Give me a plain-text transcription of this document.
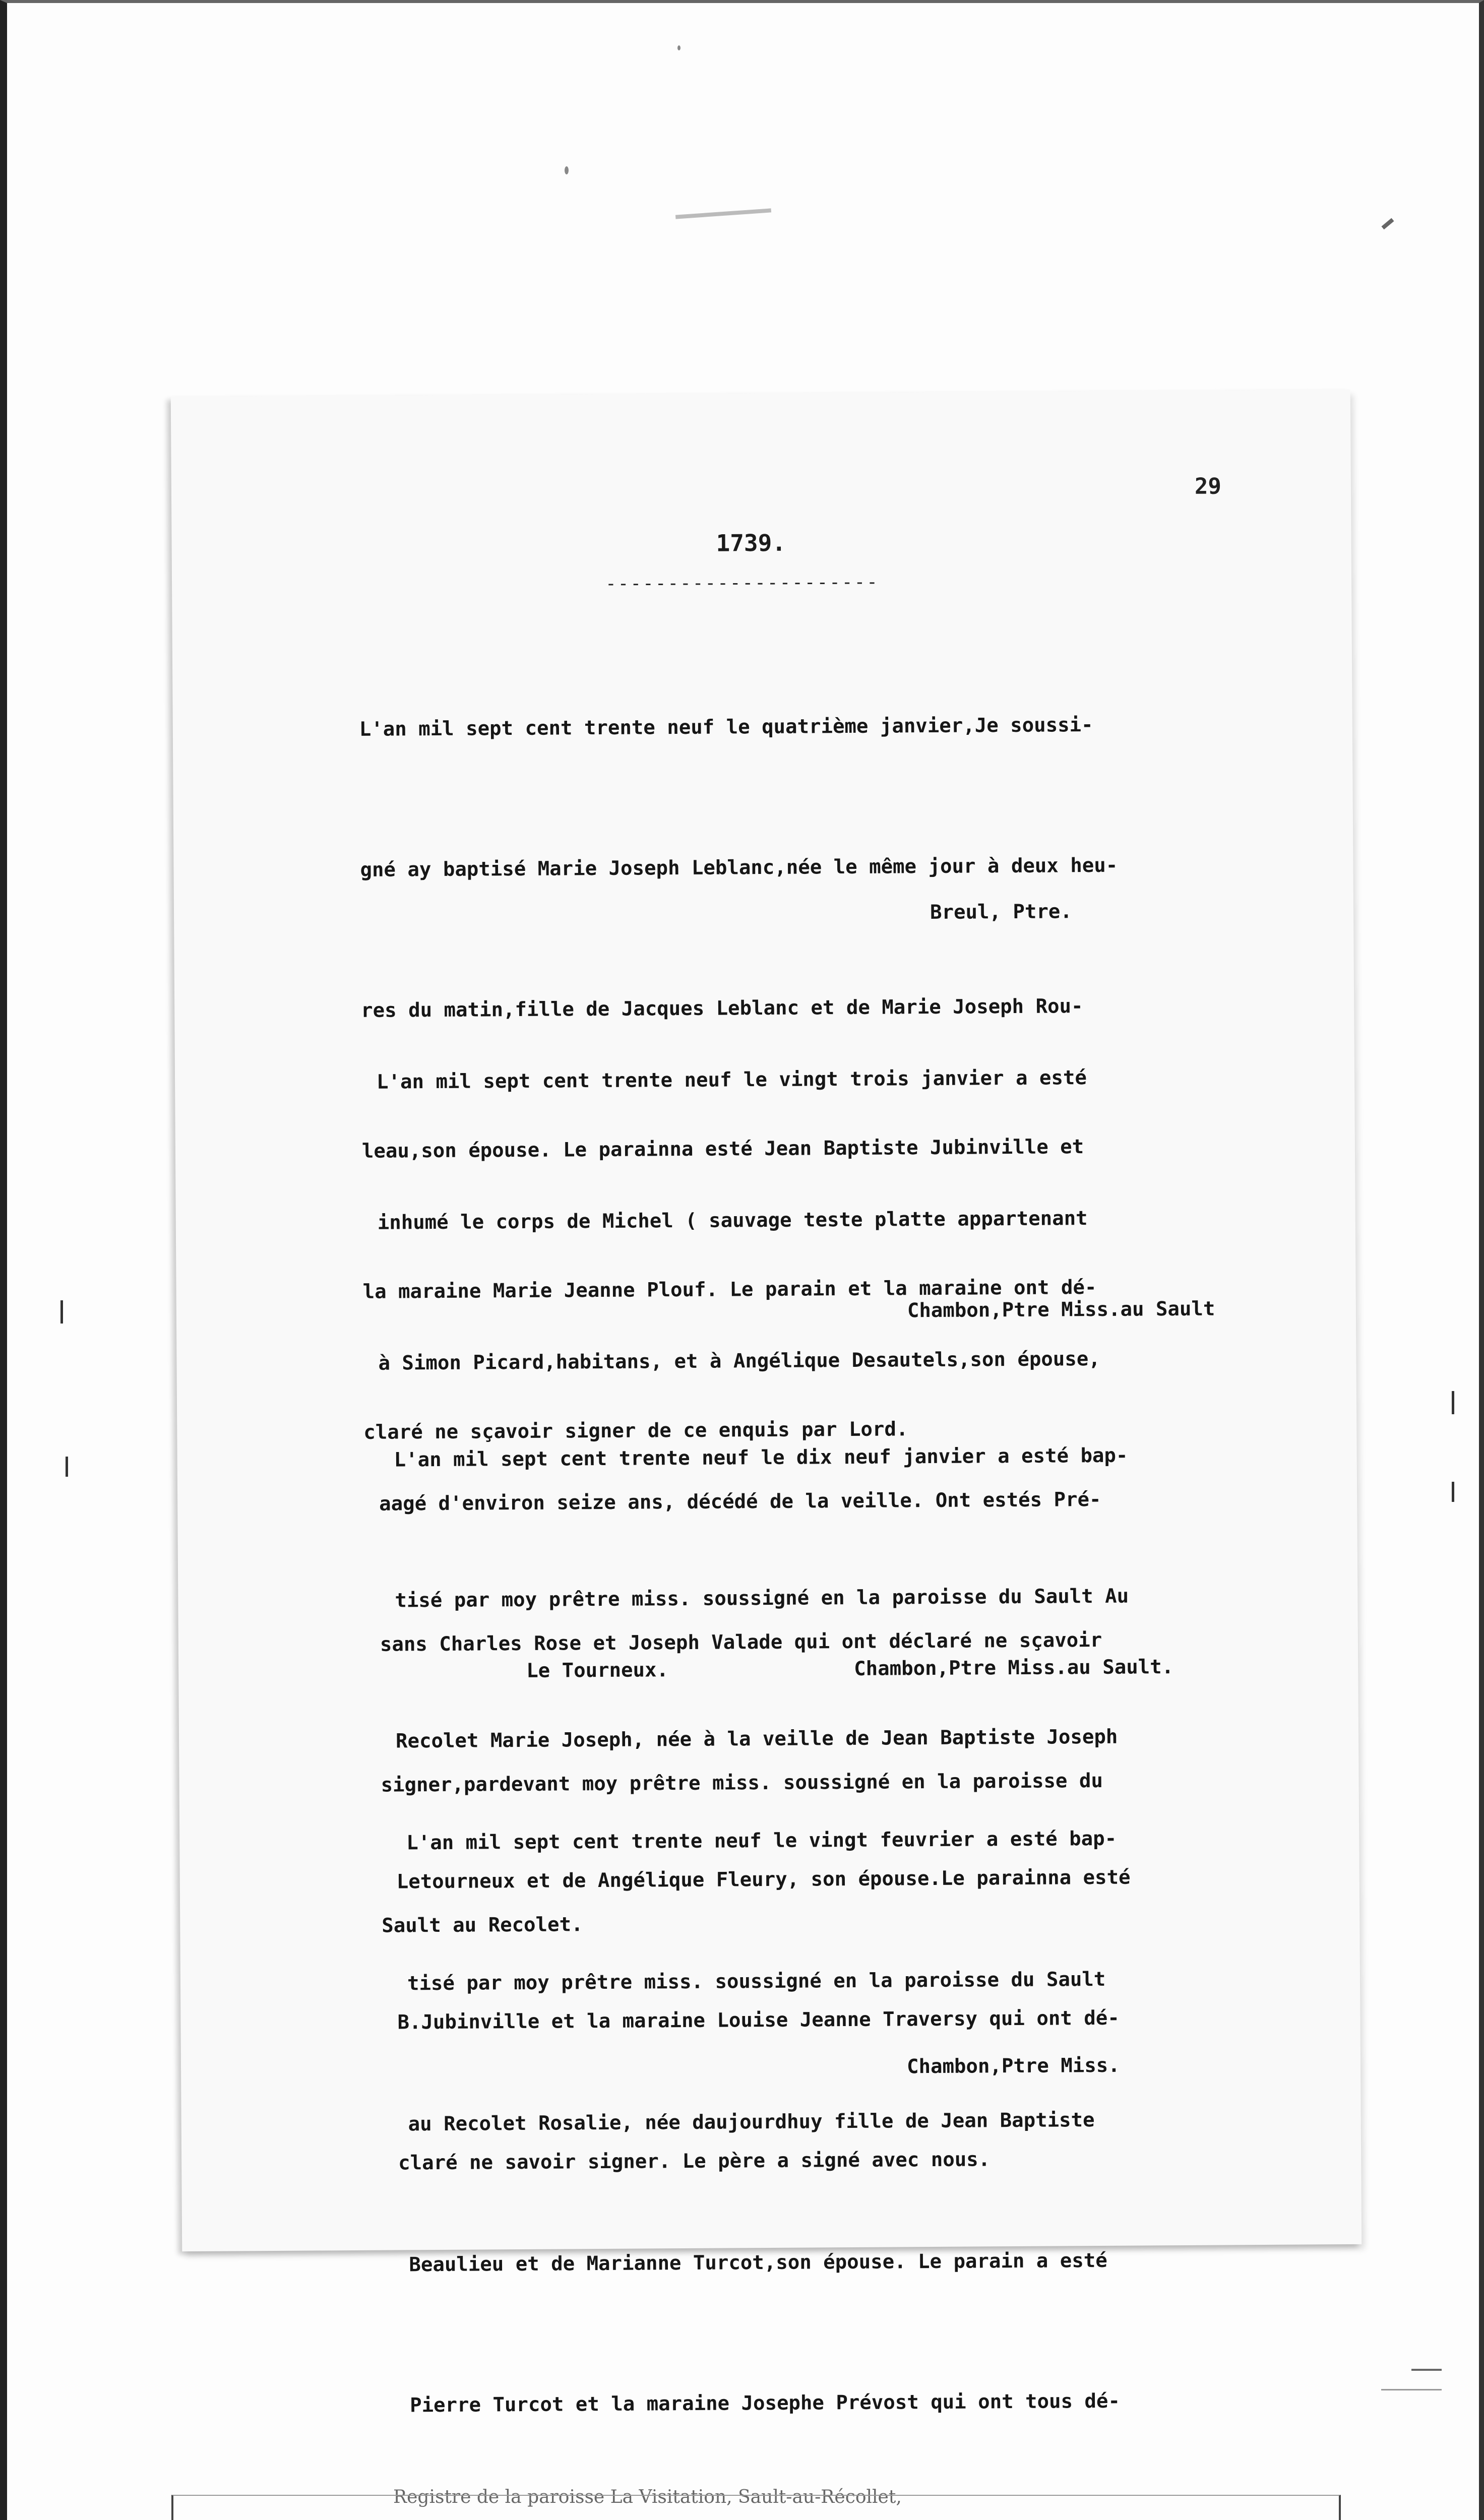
29
1739.
----------------------

L'an mil sept cent trente neuf le quatrième janvier,Je soussi-

gné ay baptisé Marie Joseph Leblanc,née le même jour à deux heu-

res du matin,fille de Jacques Leblanc et de Marie Joseph Rou-

leau,son épouse. Le parainna esté Jean Baptiste Jubinville et

la maraine Marie Jeanne Plouf. Le parain et la maraine ont dé-

claré ne sçavoir signer de ce enquis par Lord.

Breul, Ptre.

L'an mil sept cent trente neuf le vingt trois janvier a esté

inhumé le corps de Michel ( sauvage teste platte appartenant

à Simon Picard,habitans, et à Angélique Desautels,son épouse,

aagé d'environ seize ans, décédé de la veille. Ont estés Pré-

sans Charles Rose et Joseph Valade qui ont déclaré ne sçavoir

signer,pardevant moy prêtre miss. soussigné en la paroisse du

Sault au Recolet.

Chambon,Ptre Miss.au Sault

L'an mil sept cent trente neuf le dix neuf janvier a esté bap-

tisé par moy prêtre miss. soussigné en la paroisse du Sault Au

Recolet Marie Joseph, née à la veille de Jean Baptiste Joseph

Letourneux et de Angélique Fleury, son épouse.Le parainna esté

B.Jubinville et la maraine Louise Jeanne Traversy qui ont dé-

claré ne savoir signer. Le père a signé avec nous.

Le Tourneux.	Chambon,Ptre Miss.au Sault.

L'an mil sept cent trente neuf le vingt feuvrier a esté bap-

tisé par moy prêtre miss. soussigné en la paroisse du Sault

au Recolet Rosalie, née daujourdhuy fille de Jean Baptiste

Beaulieu et de Marianne Turcot,son épouse. Le parain a esté

Pierre Turcot et la maraine Josephe Prévost qui ont tous dé-

Chambon,Ptre Miss.

Registre de la paroisse La Visitation, Sault-au-Récollet,
